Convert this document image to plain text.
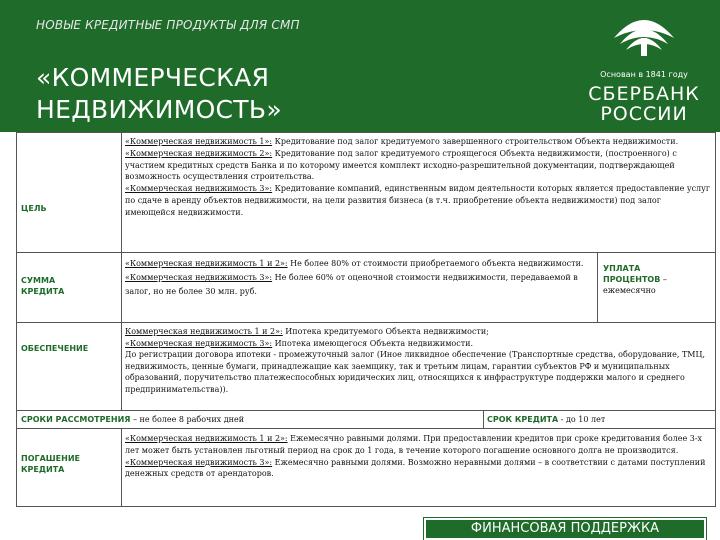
НОВЫЕ КРЕДИТНЫЕ ПРОДУКТЫ ДЛЯ СМП
«КОММЕРЧЕСКАЯ
НЕДВИЖИМОСТЬ»
Основан в 1841 году
СБЕРБАНК
РОССИИ
ЦЕЛЬ

«Коммерческая недвижимость 1»: Кредитование под залог кредитуемого завершенного строительством Объекта недвижимости.

«Коммерческая недвижимость 2»: Кредитование под залог кредитуемого строящегося Объекта недвижимости, (построенного) с участием кредитных средств Банка и по которому имеется комплект исходно-разрешительной документации, подтверждающей возможность осуществления строительства.

«Коммерческая недвижимость 3»: Кредитование компаний, единственным видом деятельности которых является предоставление услуг по сдаче в аренду объектов недвижимости, на цели развития бизнеса (в т.ч. приобретение объекта недвижимости) под залог имеющейся недвижимости.

СУММА
КРЕДИТА

«Коммерческая недвижимость 1 и 2»: Не более 80% от стоимости приобретаемого объекта недвижимости.

«Коммерческая недвижимость 3»: Не более 60% от оценочной стоимости недвижимости, передаваемой в залог, но не более 30 млн. руб.

УПЛАТА
ПРОЦЕНТОВ –
ежемесячно
ОБЕСПЕЧЕНИЕ

Коммерческая недвижимость 1 и 2»: Ипотека кредитуемого Объекта недвижимости;

«Коммерческая недвижимость 3»: Ипотека имеющегося Объекта недвижимости.

До регистрации договора ипотеки - промежуточный залог (Иное ликвидное обеспечение (Транспортные средства, оборудование, ТМЦ, недвижимость, ценные бумаги, принадлежащие как заемщику, так и третьим лицам, гарантии субъектов РФ и муниципальных образований, поручительство платежеспособных юридических лиц, относящихся к инфраструктуре поддержки малого и среднего предпринимательства)).

СРОКИ РАССМОТРЕНИЯ – не более 8 рабочих дней	СРОК КРЕДИТА - до 10 лет
ПОГАШЕНИЕ
КРЕДИТА

«Коммерческая недвижимость 1 и 2»: Ежемесячно равными долями. При предоставлении кредитов при сроке кредитования более 3-х лет может быть установлен льготный период на срок до 1 года, в течение которого погашение основного долга не производится.

«Коммерческая недвижимость 3»: Ежемесячно равными долями. Возможно неравными долями – в соответствии с датами поступлений денежных средств от арендаторов.

ФИНАНСОВАЯ ПОДДЕРЖКА
